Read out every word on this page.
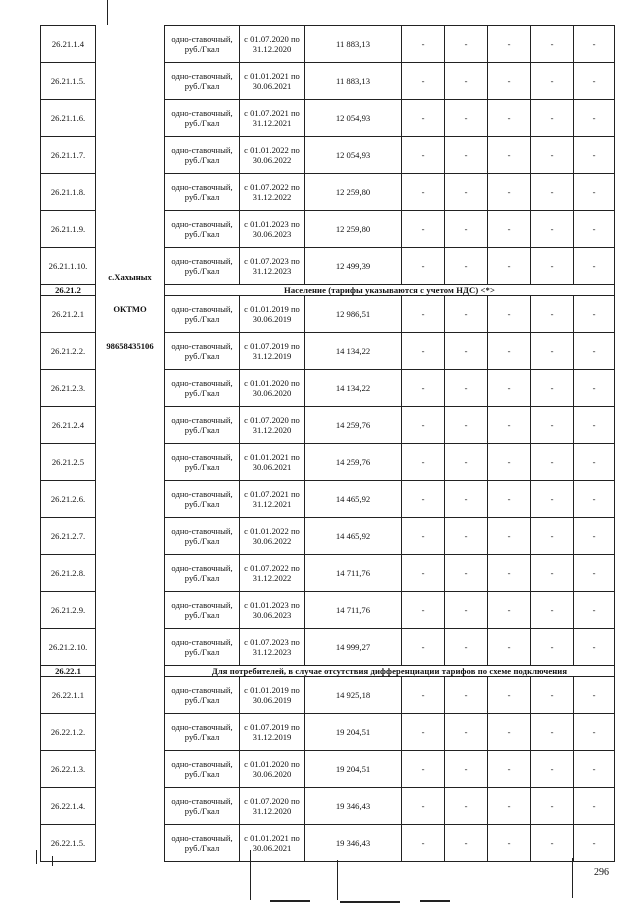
26.21.1.4		одно-ставочный, руб./Гкал	с 01.07.2020 по 31.12.2020	11 883,13	-	-	-	-	-
26.21.1.5.		одно-ставочный, руб./Гкал	с 01.01.2021 по 30.06.2021	11 883,13	-	-	-	-	-
26.21.1.6.		одно-ставочный, руб./Гкал	с 01.07.2021 по 31.12.2021	12 054,93	-	-	-	-	-
26.21.1.7.		одно-ставочный, руб./Гкал	с 01.01.2022 по 30.06.2022	12 054,93	-	-	-	-	-
26.21.1.8.		одно-ставочный, руб./Гкал	с 01.07.2022 по 31.12.2022	12 259,80	-	-	-	-	-
26.21.1.9.		одно-ставочный, руб./Гкал	с 01.01.2023 по 30.06.2023	12 259,80	-	-	-	-	-
26.21.1.10.	с.Хахыных	одно-ставочный, руб./Гкал	с 01.07.2023 по 31.12.2023	12 499,39	-	-	-	-	-
26.21.2		Население (тарифы указываются с учетом НДС) <*>							
26.21.2.1	ОКТМО	одно-ставочный, руб./Гкал	с 01.01.2019 по 30.06.2019	12 986,51	-	-	-	-	-
26.21.2.2.	98658435106	одно-ставочный, руб./Гкал	с 01.07.2019 по 31.12.2019	14 134,22	-	-	-	-	-
26.21.2.3.		одно-ставочный, руб./Гкал	с 01.01.2020 по 30.06.2020	14 134,22	-	-	-	-	-
26.21.2.4		одно-ставочный, руб./Гкал	с 01.07.2020 по 31.12.2020	14 259,76	-	-	-	-	-
26.21.2.5		одно-ставочный, руб./Гкал	с 01.01.2021 по 30.06.2021	14 259,76	-	-	-	-	-
26.21.2.6.		одно-ставочный, руб./Гкал	с 01.07.2021 по 31.12.2021	14 465,92	-	-	-	-	-
26.21.2.7.		одно-ставочный, руб./Гкал	с 01.01.2022 по 30.06.2022	14 465,92	-	-	-	-	-
26.21.2.8.		одно-ставочный, руб./Гкал	с 01.07.2022 по 31.12.2022	14 711,76	-	-	-	-	-
26.21.2.9.		одно-ставочный, руб./Гкал	с 01.01.2023 по 30.06.2023	14 711,76	-	-	-	-	-
26.21.2.10.		одно-ставочный, руб./Гкал	с 01.07.2023 по 31.12.2023	14 999,27	-	-	-	-	-
26.22.1		Для потребителей, в случае отсутствия дифференциации тарифов по схеме подключения							
26.22.1.1		одно-ставочный, руб./Гкал	с 01.01.2019 по 30.06.2019	14 925,18	-	-	-	-	-
26.22.1.2.		одно-ставочный, руб./Гкал	с 01.07.2019 по 31.12.2019	19 204,51	-	-	-	-	-
26.22.1.3.		одно-ставочный, руб./Гкал	с 01.01.2020 по 30.06.2020	19 204,51	-	-	-	-	-
26.22.1.4.		одно-ставочный, руб./Гкал	с 01.07.2020 по 31.12.2020	19 346,43	-	-	-	-	-
26.22.1.5.		одно-ставочный, руб./Гкал	с 01.01.2021 по 30.06.2021	19 346,43	-	-	-	-	-
296
